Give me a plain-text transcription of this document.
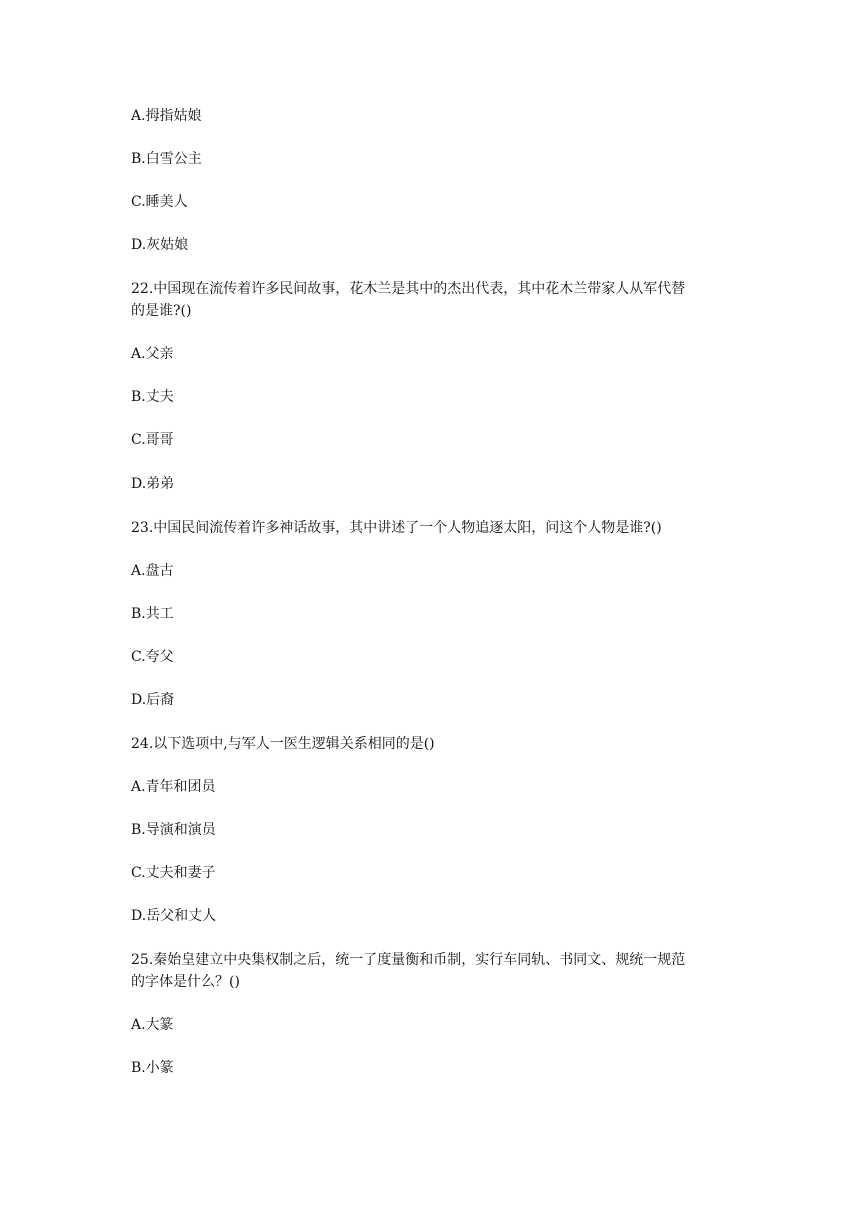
A.拇指姑娘
B.白雪公主
C.睡美人
D.灰姑娘
22.中国现在流传着许多民间故事，花木兰是其中的杰出代表，其中花木兰带家人从军代替
的是谁?()
A.父亲
B.丈夫
C.哥哥
D.弟弟
23.中国民间流传着许多神话故事，其中讲述了一个人物追逐太阳，问这个人物是谁?()
A.盘古
B.共工
C.夸父
D.后裔
24.以下选项中,与军人一医生逻辑关系相同的是()
A.青年和团员
B.导演和演员
C.丈夫和妻子
D.岳父和丈人
25.秦始皇建立中央集权制之后，统一了度量衡和币制，实行车同轨、书同文、规统一规范
的字体是什么？()
A.大篆
B.小篆
